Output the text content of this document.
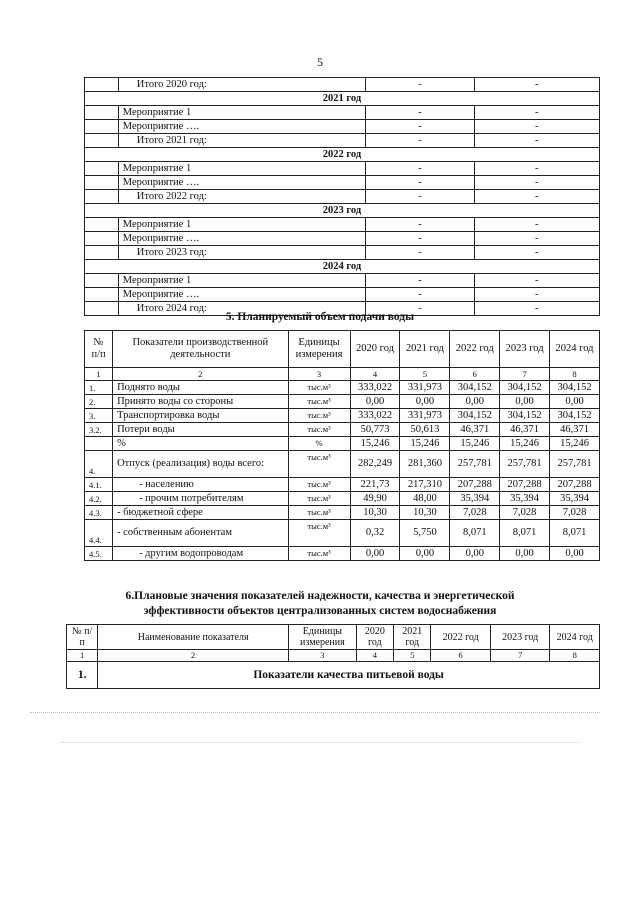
5
	Итого 2020 год:	-	-
2021 год			
	Мероприятие 1	-	-
	Мероприятие ….	-	-
	Итого 2021 год:	-	-
2022 год			
	Мероприятие 1	-	-
	Мероприятие ….	-	-
	Итого 2022 год:	-	-
2023 год			
	Мероприятие 1	-	-
	Мероприятие ….	-	-
	Итого 2023 год:	-	-
2024 год			
	Мероприятие 1	-	-
	Мероприятие ….	-	-
	Итого 2024 год:	-	-
5. Планируемый объем подачи воды
№ п/п	Показатели производственной деятельности	Единицы измерения	2020 год	2021 год	2022 год	2023 год	2024 год
1	2	3	4	5	6	7	8
1.	Поднято воды	тыс.м³	333,022	331,973	304,152	304,152	304,152
2.	Принято воды со стороны	тыс.м³	0,00	0,00	0,00	0,00	0,00
3.	Транспортировка воды	тыс.м³	333,022	331,973	304,152	304,152	304,152
3.2.	Потери воды	тыс.м³	50,773	50,613	46,371	46,371	46,371
	%	%	15,246	15,246	15,246	15,246	15,246
4.	Отпуск (реализация) воды всего:	тыс.м³	282,249	281,360	257,781	257,781	257,781
4.1.	- населению	тыс.м³	221,73	217,310	207,288	207,288	207,288
4.2.	- прочим потребителям	тыс.м³	49,90	48,00	35,394	35,394	35,394
4.3.	- бюджетной сфере	тыс.м³	10,30	10,30	7,028	7,028	7,028
4.4.	- собственным абонентам	тыс.м³	0,32	5,750	8,071	8,071	8,071
4.5.	- другим водопроводам	тыс.м³	0,00	0,00	0,00	0,00	0,00
6.Плановые значения показателей надежности, качества и энергетической
эффективности объектов централизованных систем водоснабжения
№ п/п	Наименование показателя	Единицы измерения	2020 год	2021 год	2022 год	2023 год	2024 год
1	2	3	4	5	6	7	8
1.	Показатели качества питьевой воды						
